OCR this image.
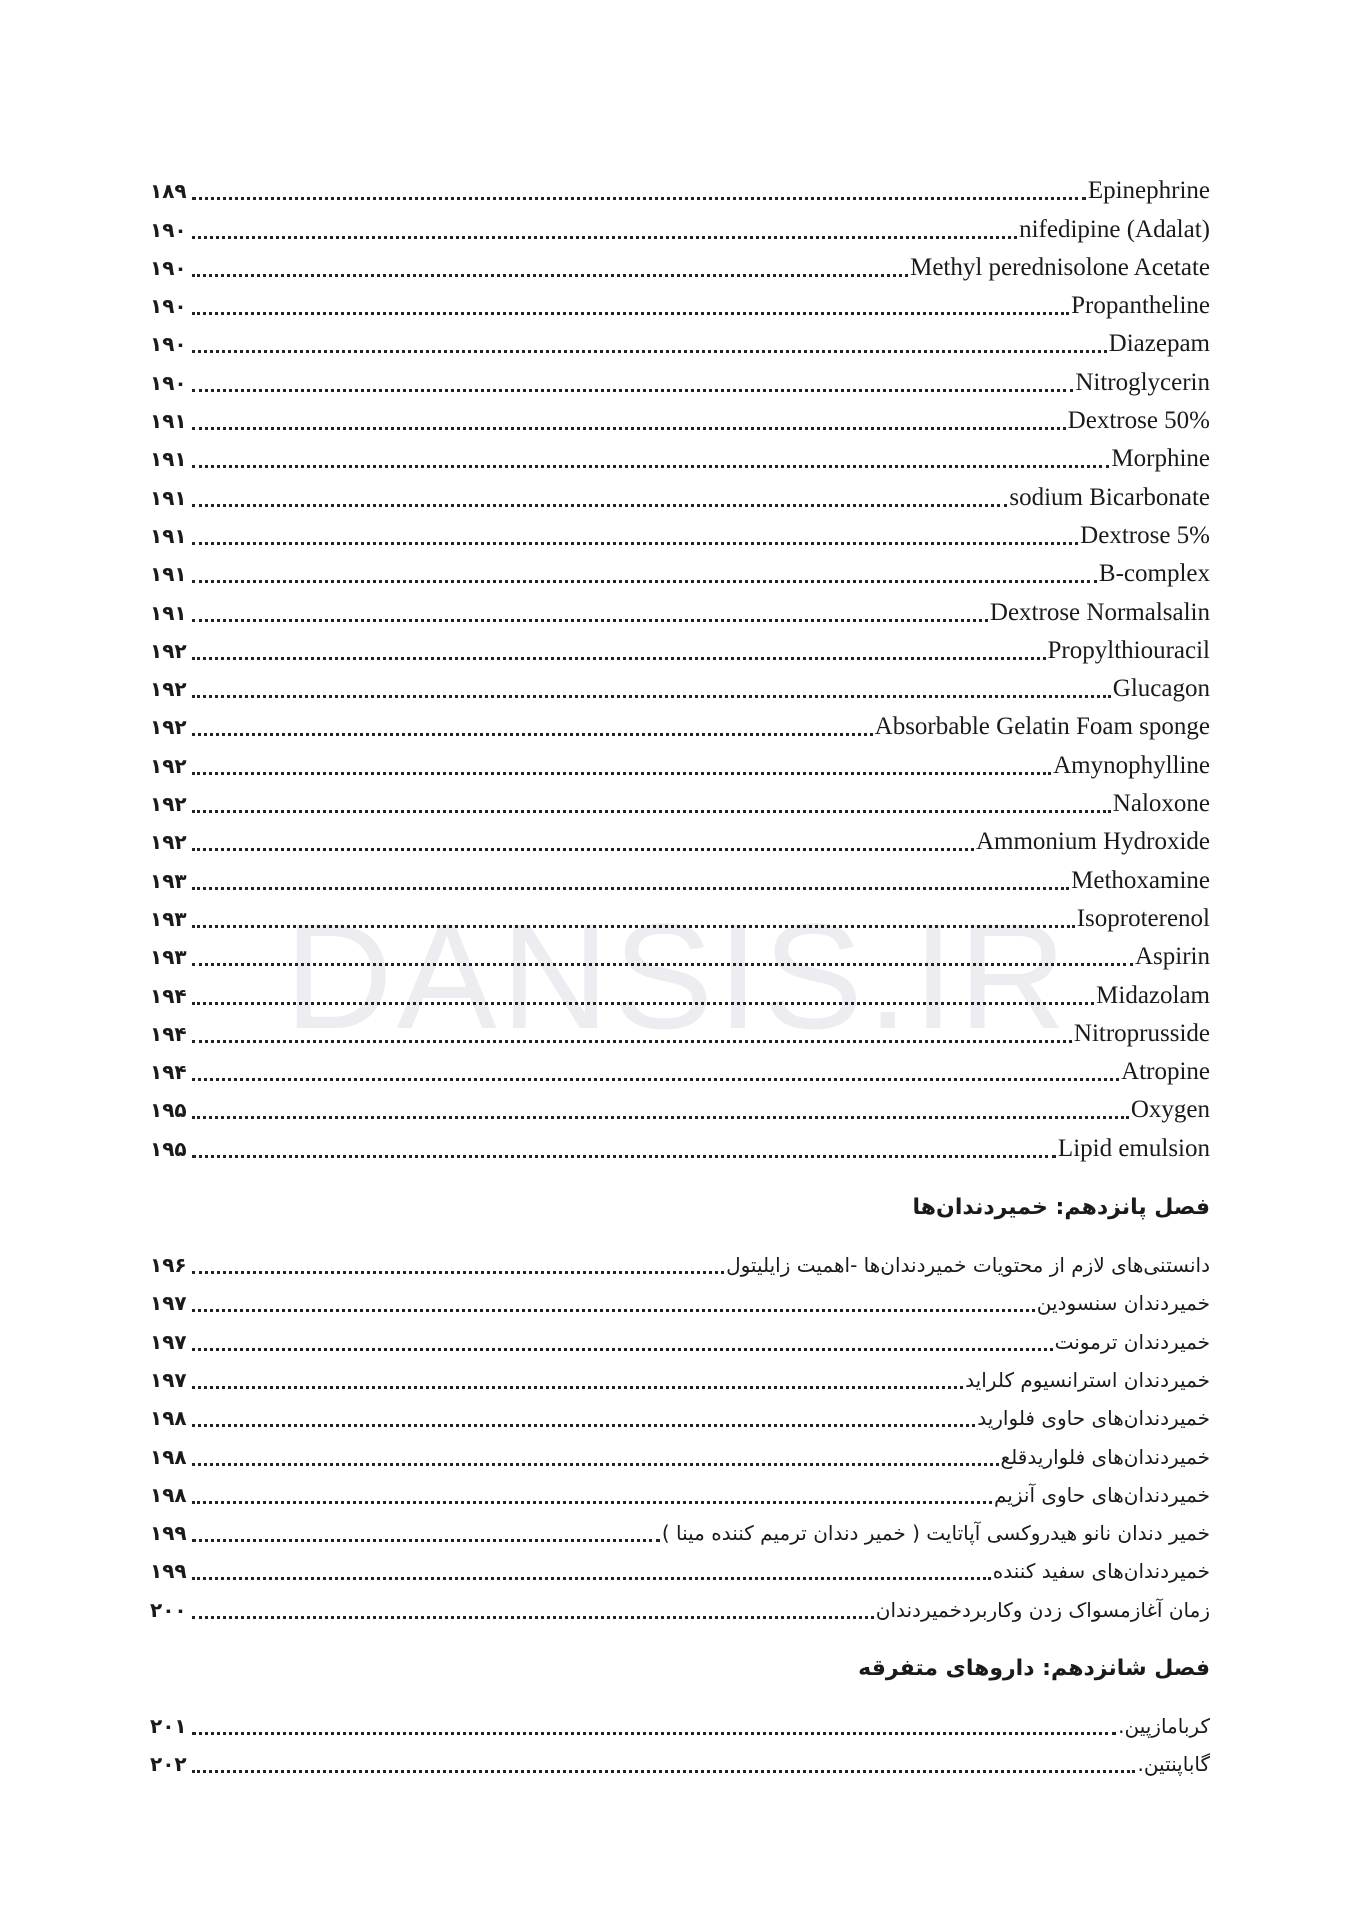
DANSIS.IR
Epinephrine
۱۸۹
nifedipine (Adalat)
۱۹۰
Methyl perednisolone Acetate
۱۹۰
Propantheline
۱۹۰
Diazepam
۱۹۰
Nitroglycerin
۱۹۰
Dextrose 50%
۱۹۱
Morphine
۱۹۱
sodium Bicarbonate
۱۹۱
Dextrose 5%
۱۹۱
B-complex
۱۹۱
Dextrose Normalsalin
۱۹۱
Propylthiouracil
۱۹۲
Glucagon
۱۹۲
Absorbable Gelatin Foam sponge
۱۹۲
Amynophylline
۱۹۲
Naloxone
۱۹۲
Ammonium Hydroxide
۱۹۲
Methoxamine
۱۹۳
Isoproterenol
۱۹۳
Aspirin
۱۹۳
Midazolam
۱۹۴
Nitroprusside
۱۹۴
Atropine
۱۹۴
Oxygen
۱۹۵
Lipid emulsion
۱۹۵
فصل پانزدهم: خمیردندان‌ها
دانستنی‌های لازم از محتویات خمیردندان‌ها -اهمیت زایلیتول
۱۹۶
خمیردندان سنسودین
۱۹۷
خمیردندان ترمونت
۱۹۷
خمیردندان استرانسیوم کلراید
۱۹۷
خمیردندان‌های حاوی فلوارید
۱۹۸
خمیردندان‌های فلواریدقلع
۱۹۸
خمیردندان‌های حاوی آنزیم
۱۹۸
خمیر دندان نانو هیدروکسی آپاتایت ( خمیر دندان ترمیم کننده مینا )
۱۹۹
خمیردندان‌های سفید کننده
۱۹۹
زمان آغازمسواک زدن وکاربردخمیردندان
۲۰۰
فصل شانزدهم: داروهای متفرقه
کربامازپین.
۲۰۱
گاباپنتین.
۲۰۲
